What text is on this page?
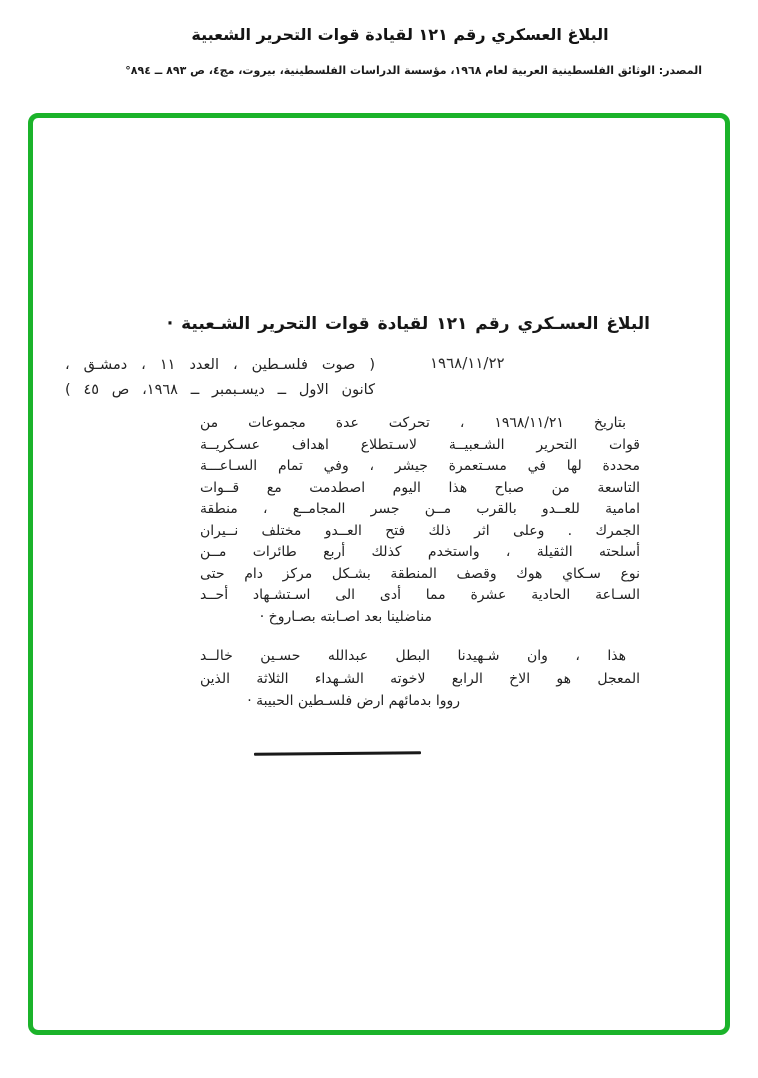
البلاغ العسكري رقم ١٢١ لقيادة قوات التحرير الشعبية
المصدر: الوثائق الفلسطينية العربية لعام ١٩٦٨، مؤسسة الدراسات الفلسطينية، بيروت، مج٤، ص ٨٩٣ ــ ٨٩٤°
البلاغ العسـكري رقم ١٢١ لقيادة قوات التحرير الشـعبية ·
١٩٦٨/١١/٢٢
( صوت فلسـطين ، العدد ١١ ، دمشـق ،
كانون الاول ــ ديسـبمبر ــ ١٩٦٨، ص ٤٥ )
بتاريخ ١٩٦٨/١١/٢١ ، تحركت عدة مجموعات من
قوات التحرير الشـعبيــة لاسـتطلاع اهداف عسـكريــة
محددة لها في مسـتعمرة جيشر ، وفي تمام السـاعـــة
التاسعة من صباح هذا اليوم اصطدمت مع قــوات
امامية للعــدو بالقرب مــن جسر المجامــع ، منطقة
الجمرك . وعلى اثر ذلك فتح العــدو مختلف نــيران
أسلحته الثقيلة ، واستخدم كذلك أربع طائرات مــن
نوع سـكاي هوك وقصف المنطقة بشـكل مركز دام حتى
السـاعة الحادية عشرة مما أدى الى اسـتشـهاد أحــد
مناضلينا بعد اصـابته بصـاروخ ·
هذا ، وان شـهيدنا البطل عبدالله حسـين خالــد
المعجل هو الاخ الرابع لاخوته الشـهداء الثلاثة الذين
رووا بدمائهم ارض فلسـطين الحبيبة ·
